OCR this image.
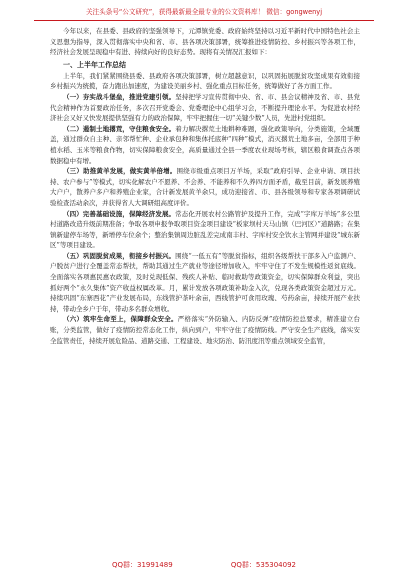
关注头条号“公文研究”，获得最新最全最专业的公文资料库！ 微信：gongwenyj

今年以来，在县委、县政府的坚强领导下，元潭镇党委、政府始终坚持以习近平新时代中国特色社会主义思想为指导，深入贯彻落实中央和省、市、县各项决策部署，统筹推进疫情防控、乡村振兴等各项工作，经济社会发展呈现稳中有进、持续向好的良好态势。现将有关情况汇报如下：

一、上半年工作总结

上半年，我们紧紧围绕县委、县政府各项决策部署，树立超越意识，以巩固拓展脱贫攻坚成果有效衔接乡村振兴为统揽，奋力跑出加速度，为建设美丽乡村、强化重点目标任务，统筹做好了各方面工作。

（一）夯实战斗堡垒，推进党建引领。坚持把学习宣传贯彻中央、省、市、县会议精神及省、市、县党代会精神作为首要政治任务，多次召开党委会、党委理论中心组学习会，不断提升理论水平。为促进农村经济社会又好又快发展提供坚强有力的政治保障，牢牢把握住一切“关键少数”人员，先进村党组织。

（二）遏制土地撂荒，守住粮食安全。着力解决撂荒土地耕种难题，强化政策导向，分类施策，全域覆盖，通过群众自主种、亲邻帮忙种、企业承包种和集体托底种“四种”模式，消灭撂荒土地多亩，全部用于种植水稻、玉米等粮食作物，切实保障粮食安全，高质量通过全县一季度农业现场考核，辖区粮食调查点各项数据稳中有增。

（三）助推黄羊发展，做实黄羊倍增。围绕市级重点项目万羊场，采取“政府引导、企业申请、项目扶持、农户参与”等模式，切实化解农户不愿养、不会养、不能养和不久养四方面矛盾，截至目前，新发展养殖大户户，散养户多户和养殖企业家，合计新发展黄羊余只，成功迎接省、市、县各级领导和专家各项调研试验检查活动余次，并获得省人大调研组高度评价。

（四）完善基础设施，保障经济发展。常态化开展农村公路管护及提升工作，完成“字库万羊场”多公里村道路改造升级前期准备；争取各项申报争取项目资金项目建设“板家坝村天马山镇（巴河区）”道路路；在集镇新建停车场等，新增停车位余个；整治集镇周边脏乱差完成南丰村、字库村安全饮水主管网并建设“城东新区”等项目建设。

（五）巩固脱贫成果，衔接乡村振兴。围绕“一低五有”等脱贫指标，组织各级帮扶干部多入户监测户、户脱贫户进行全覆盖常态帮扶，帮助其通过生产就业等途径增加收入，牢牢守住了不发生规模性返贫底线。全面落实各项惠民惠农政策，及时兑现低保、残疾人补贴、临时救助等政策资金，切实保障群众利益，突出抓好两个“永久集体”资产收益权属改革。月，累计发放各项政策补助金入次，兑现各类政策资金超过万元。持续巩固“东寨西花”产业发展布局，东线管护茶叶余亩，西线管护可食用玫瑰、芍药余亩，持续开展产业扶持，带动全乡户于年，带动多名群众增收。

（六）筑牢生命至上，保障群众安全。严格落实“外防输入、内防反弹”疫情防控总要求，精准建立台账，分类监管，做好了疫情防控常态化工作，纵向到户，牢牢守住了疫情防线。严守安全生产底线，落实安全监管责任，持续开展危险品、道路交通、工程建设、地灾防治、防汛度汛等重点领域安全监管，

QQ群：31991489	QQ群：535304092
